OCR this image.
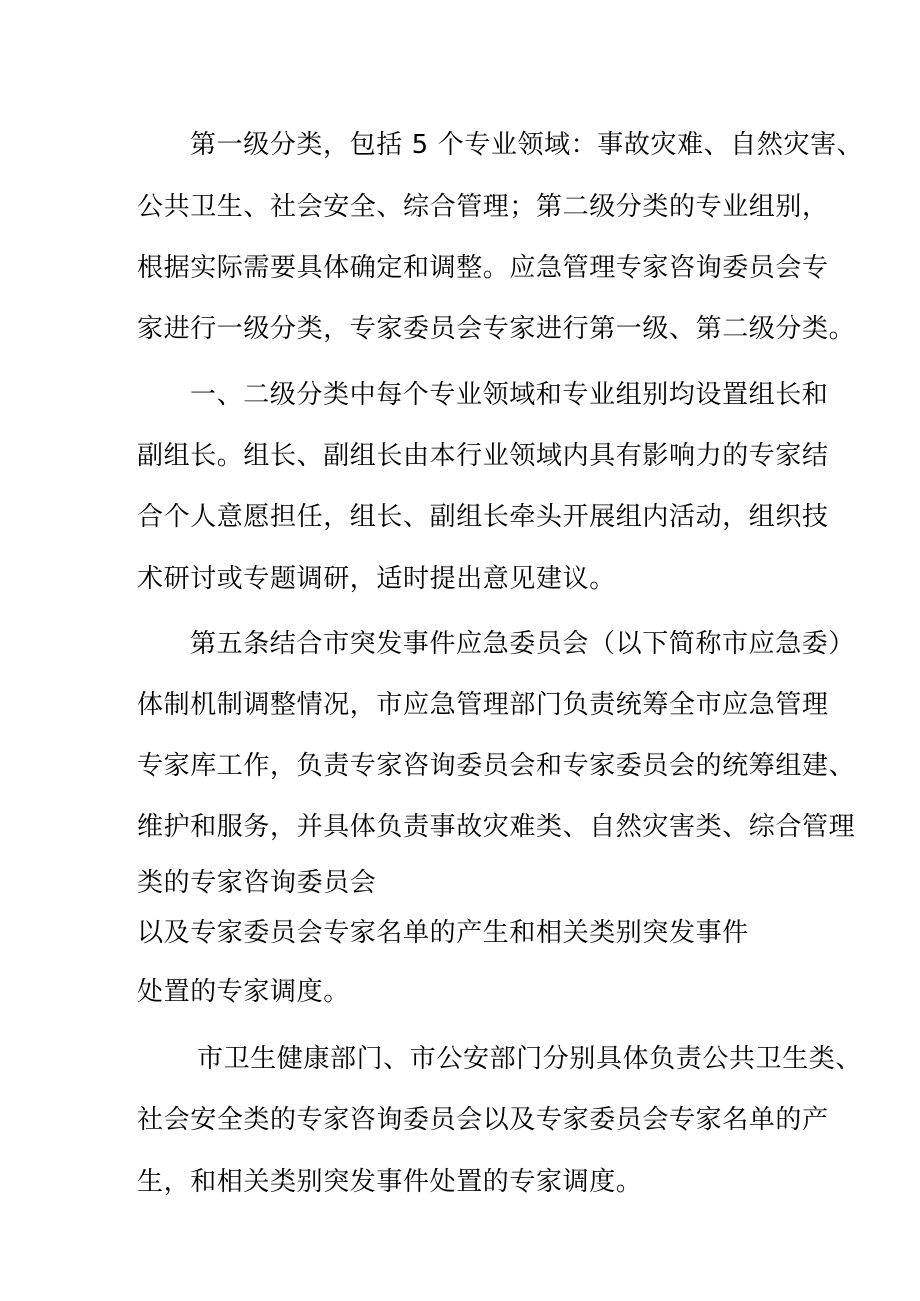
第一级分类，包括 5 个专业领域：事故灾难、自然灾害、

公共卫生、社会安全、综合管理；第二级分类的专业组别，

根据实际需要具体确定和调整。应急管理专家咨询委员会专

家进行一级分类，专家委员会专家进行第一级、第二级分类。

一、二级分类中每个专业领域和专业组别均设置组长和

副组长。组长、副组长由本行业领域内具有影响力的专家结

合个人意愿担任，组长、副组长牵头开展组内活动，组织技

术研讨或专题调研，适时提出意见建议。

第五条结合市突发事件应急委员会（以下简称市应急委）

体制机制调整情况，市应急管理部门负责统筹全市应急管理

专家库工作，负责专家咨询委员会和专家委员会的统筹组建、

维护和服务，并具体负责事故灾难类、自然灾害类、综合管理

类的专家咨询委员会

以及专家委员会专家名单的产生和相关类别突发事件

处置的专家调度。

市卫生健康部门、市公安部门分别具体负责公共卫生类、

社会安全类的专家咨询委员会以及专家委员会专家名单的产

生，和相关类别突发事件处置的专家调度。
